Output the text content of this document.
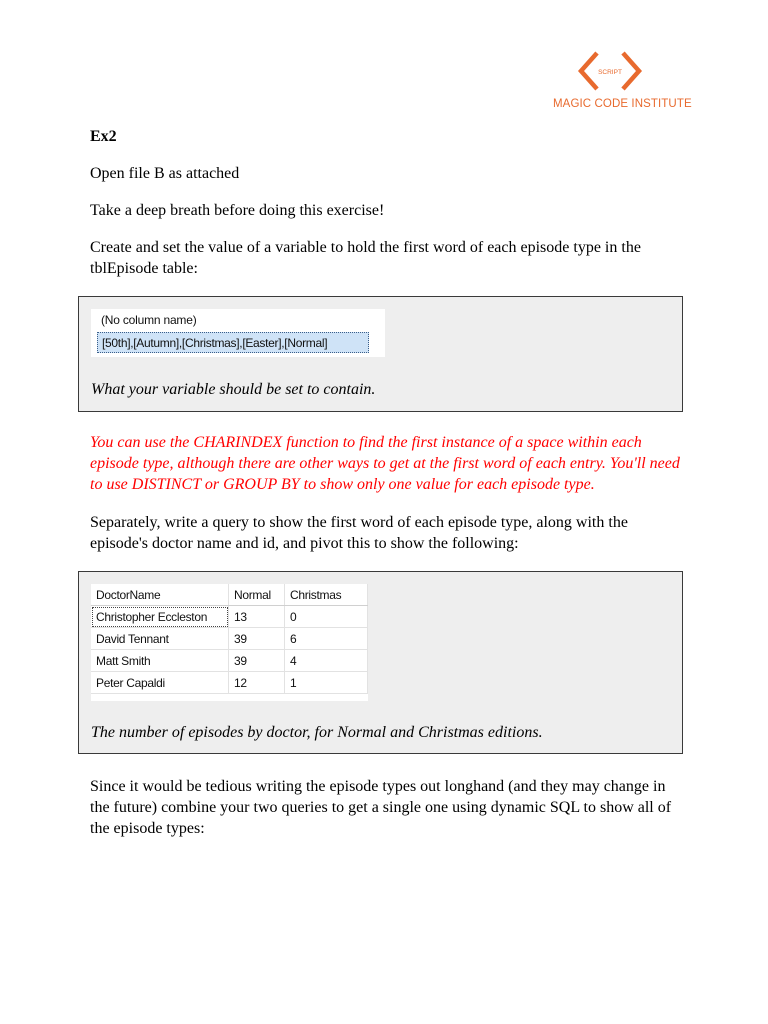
SCRIPT
MAGIC CODE INSTITUTE

Ex2

Open file B as attached

Take a deep breath before doing this exercise!

Create and set the value of a variable to hold the first word of each episode type in the tblEpisode table:

(No column name)
[50th],[Autumn],[Christmas],[Easter],[Normal]
What your variable should be set to contain.

You can use the CHARINDEX function to find the first instance of a space within each episode type, although there are other ways to get at the first word of each entry. You'll need to use DISTINCT or GROUP BY to show only one value for each episode type.

Separately, write a query to show the first word of each episode type, along with the episode's doctor name and id, and pivot this to show the following:

DoctorName	Normal	Christmas
Christopher Eccleston	13	0
David Tennant	39	6
Matt Smith	39	4
Peter Capaldi	12	1
The number of episodes by doctor, for Normal and Christmas editions.

Since it would be tedious writing the episode types out longhand (and they may change in the future) combine your two queries to get a single one using dynamic SQL to show all of the episode types:
